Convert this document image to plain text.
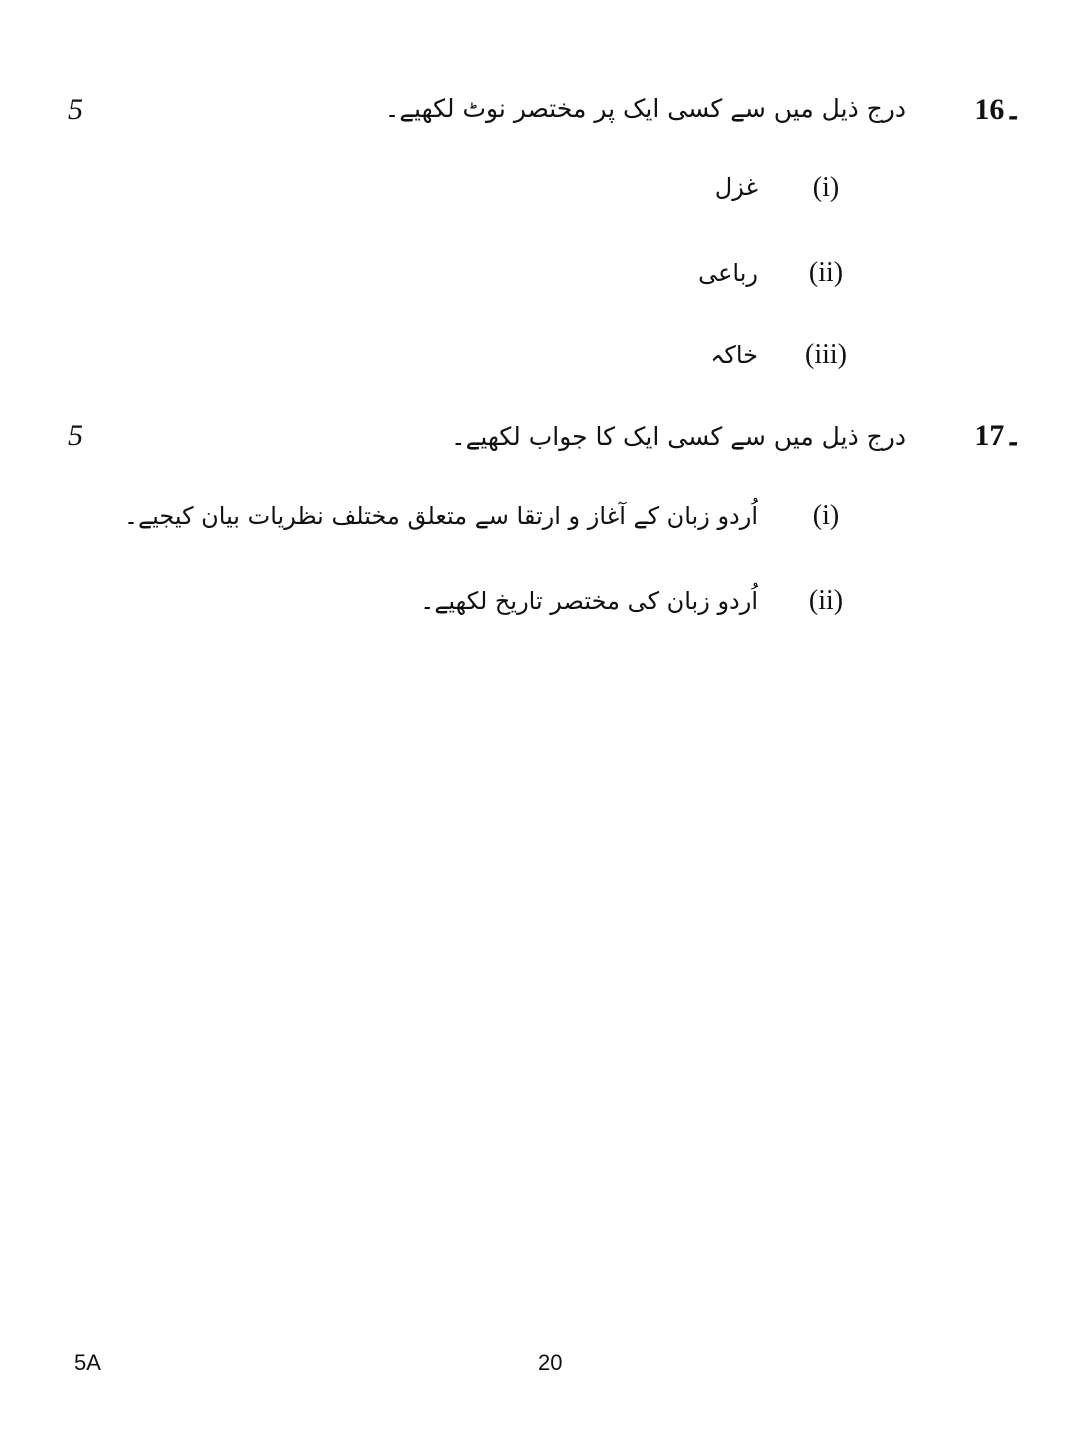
5	درج ذیل میں سے کسی ایک پر مختصر نوٹ لکھیے۔	16۔
(i)
غزل
(ii)
رباعی
(iii)
خاکہ
5	درج ذیل میں سے کسی ایک کا جواب لکھیے۔	17۔
(i)
اُردو زبان کے آغاز و ارتقا سے متعلق مختلف نظریات بیان کیجیے۔
(ii)
اُردو زبان کی مختصر تاریخ لکھیے۔
5A	20
